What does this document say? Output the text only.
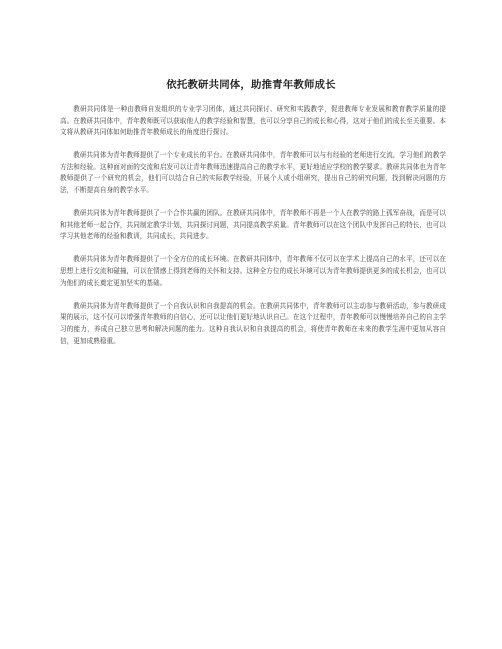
依托教研共同体，助推青年教师成长

教研共同体是一种由教师自发组织的专业学习团体，通过共同探讨、研究和实践教学，促进教师专业发展和教育教学质量的提高。在教研共同体中，青年教师既可以获取他人的教学经验和智慧，也可以分享自己的成长和心得，这对于他们的成长至关重要。本文将从教研共同体如何助推青年教师成长的角度进行探讨。

教研共同体为青年教师提供了一个专业成长的平台。在教研共同体中，青年教师可以与有经验的老师进行交流，学习他们的教学方法和经验。这种面对面的交流和启发可以让青年教师迅速提高自己的教学水平，更好地适应学校的教学要求。教研共同体也为青年教师提供了一个研究的机会，他们可以结合自己的实际教学经验，开展个人或小组研究，提出自己的研究问题，找到解决问题的方法，不断提高自身的教学水平。

教研共同体为青年教师提供了一个合作共赢的团队。在教研共同体中，青年教师不再是一个人在教学的路上孤军奋战，而是可以和其他老师一起合作，共同制定教学计划，共同探讨问题，共同提高教学质量。青年教师可以在这个团队中发挥自己的特长，也可以学习其他老师的经验和教训，共同成长，共同进步。

教研共同体为青年教师提供了一个全方位的成长环境。在教研共同体中，青年教师不仅可以在学术上提高自己的水平，还可以在思想上进行交流和碰撞，可以在情感上得到老师的关怀和支持。这种全方位的成长环境可以为青年教师提供更多的成长机会，也可以为他们的成长奠定更加坚实的基础。

教研共同体为青年教师提供了一个自我认识和自我提高的机会。在教研共同体中，青年教师可以主动参与教研活动，参与教研成果的展示，这不仅可以增强青年教师的自信心，还可以让他们更好地认识自己。在这个过程中，青年教师可以慢慢培养自己的自主学习的能力，养成自己独立思考和解决问题的能力。这种自我认识和自我提高的机会，将使青年教师在未来的教学生涯中更加从容自信，更加成熟稳重。
